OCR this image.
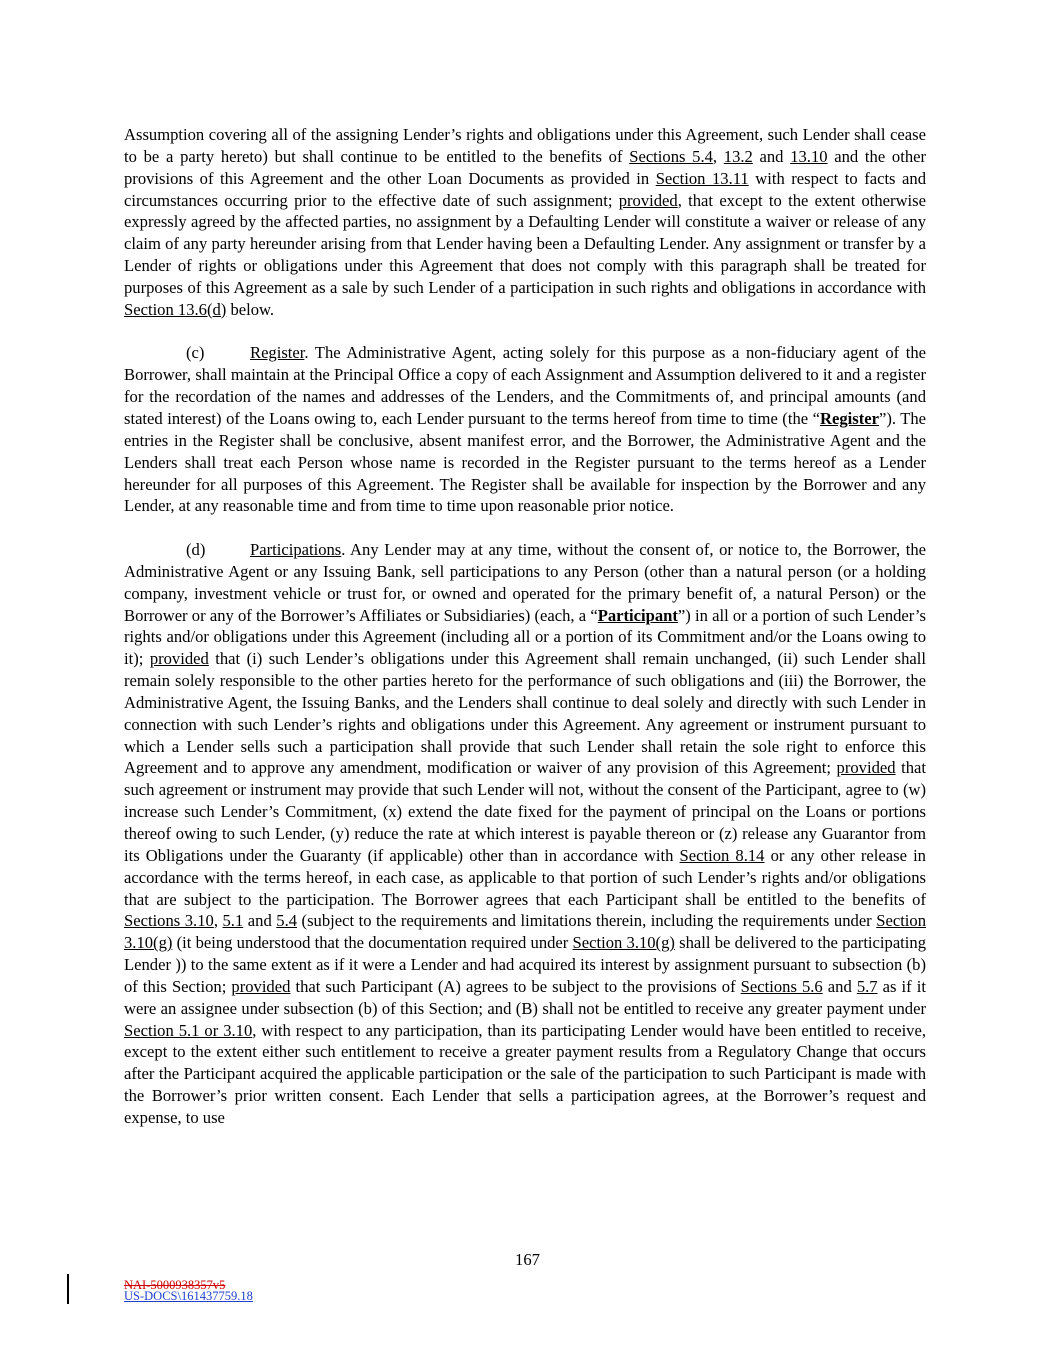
Assumption covering all of the assigning Lender’s rights and obligations under this Agreement, such Lender shall cease to be a party hereto) but shall continue to be entitled to the benefits of Sections 5.4, 13.2 and 13.10 and the other provisions of this Agreement and the other Loan Documents as provided in Section 13.11 with respect to facts and circumstances occurring prior to the effective date of such assignment; provided, that except to the extent otherwise expressly agreed by the affected parties, no assignment by a Defaulting Lender will constitute a waiver or release of any claim of any party hereunder arising from that Lender having been a Defaulting Lender. Any assignment or transfer by a Lender of rights or obligations under this Agreement that does not comply with this paragraph shall be treated for purposes of this Agreement as a sale by such Lender of a participation in such rights and obligations in accordance with Section 13.6(d) below.

(c)	Register. The Administrative Agent, acting solely for this purpose as a non-fiduciary agent of the Borrower, shall maintain at the Principal Office a copy of each Assignment and Assumption delivered to it and a register for the recordation of the names and addresses of the Lenders, and the Commitments of, and principal amounts (and stated interest) of the Loans owing to, each Lender pursuant to the terms hereof from time to time (the “Register”). The entries in the Register shall be conclusive, absent manifest error, and the Borrower, the Administrative Agent and the Lenders shall treat each Person whose name is recorded in the Register pursuant to the terms hereof as a Lender hereunder for all purposes of this Agreement. The Register shall be available for inspection by the Borrower and any Lender, at any reasonable time and from time to time upon reasonable prior notice.

(d)	Participations. Any Lender may at any time, without the consent of, or notice to, the Borrower, the Administrative Agent or any Issuing Bank, sell participations to any Person (other than a natural person (or a holding company, investment vehicle or trust for, or owned and operated for the primary benefit of, a natural Person) or the Borrower or any of the Borrower’s Affiliates or Subsidiaries) (each, a “Participant”) in all or a portion of such Lender’s rights and/or obligations under this Agreement (including all or a portion of its Commitment and/or the Loans owing to it); provided that (i) such Lender’s obligations under this Agreement shall remain unchanged, (ii) such Lender shall remain solely responsible to the other parties hereto for the performance of such obligations and (iii) the Borrower, the Administrative Agent, the Issuing Banks, and the Lenders shall continue to deal solely and directly with such Lender in connection with such Lender’s rights and obligations under this Agreement. Any agreement or instrument pursuant to which a Lender sells such a participation shall provide that such Lender shall retain the sole right to enforce this Agreement and to approve any amendment, modification or waiver of any provision of this Agreement; provided that such agreement or instrument may provide that such Lender will not, without the consent of the Participant, agree to (w) increase such Lender’s Commitment, (x) extend the date fixed for the payment of principal on the Loans or portions thereof owing to such Lender, (y) reduce the rate at which interest is payable thereon or (z) release any Guarantor from its Obligations under the Guaranty (if applicable) other than in accordance with Section 8.14 or any other release in accordance with the terms hereof, in each case, as applicable to that portion of such Lender’s rights and/or obligations that are subject to the participation. The Borrower agrees that each Participant shall be entitled to the benefits of Sections 3.10, 5.1 and 5.4 (subject to the requirements and limitations therein, including the requirements under Section 3.10(g) (it being understood that the documentation required under Section 3.10(g) shall be delivered to the participating Lender )) to the same extent as if it were a Lender and had acquired its interest by assignment pursuant to subsection (b) of this Section; provided that such Participant (A) agrees to be subject to the provisions of Sections 5.6 and 5.7 as if it were an assignee under subsection (b) of this Section; and (B) shall not be entitled to receive any greater payment under Section 5.1 or 3.10, with respect to any participation, than its participating Lender would have been entitled to receive, except to the extent either such entitlement to receive a greater payment results from a Regulatory Change that occurs after the Participant acquired the applicable participation or the sale of the participation to such Participant is made with the Borrower’s prior written consent. Each Lender that sells a participation agrees, at the Borrower’s request and expense, to use

167
NAI-5000938357v5
US-DOCS\161437759.18
